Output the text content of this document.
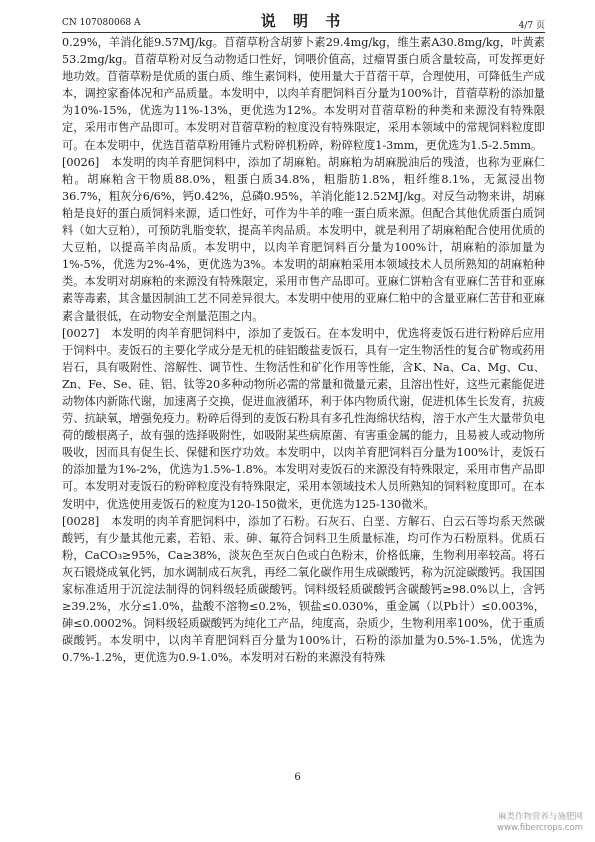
CN 107080068 A	说 明 书	4/7 页

0.29%，羊消化能9.57MJ/kg。苜蓿草粉含胡萝卜素29.4mg/kg，维生素A30.8mg/kg，叶黄素53.2mg/kg。苜蓿草粉对反刍动物适口性好，饲喂价值高，过瘤胃蛋白质含量较高，可发挥更好地功效。苜蓿草粉是优质的蛋白质、维生素饲料，使用量大于苜蓿干草，合理使用，可降低生产成本，调控家畜体况和产品质量。本发明中，以肉羊育肥饲料百分量为100%计，苜蓿草粉的添加量为10%-15%，优选为11%-13%，更优选为12%。本发明对苜蓿草粉的种类和来源没有特殊限定，采用市售产品即可。本发明对苜蓿草粉的粒度没有特殊限定，采用本领域中的常规饲料粒度即可。在本发明中，优选苜蓿草粉用锤片式粉碎机粉碎，粉碎粒度1-3mm，更优选为1.5-2.5mm。

[0026]　本发明的肉羊育肥饲料中，添加了胡麻粕。胡麻粕为胡麻脱油后的残渣，也称为亚麻仁粕。胡麻粕含干物质88.0%，粗蛋白质34.8%，粗脂肪1.8%，粗纤维8.1%，无氮浸出物36.7%，粗灰分6/6%，钙0.42%，总磷0.95%，羊消化能12.52MJ/kg。对反刍动物来讲，胡麻粕是良好的蛋白质饲料来源，适口性好，可作为牛羊的唯一蛋白质来源。但配合其他优质蛋白质饲料（如大豆粕），可预防乳脂变软，提高羊肉品质。本发明中，就是利用了胡麻粕配合使用优质的大豆粕，以提高羊肉品质。本发明中，以肉羊育肥饲料百分量为100%计，胡麻粕的添加量为1%-5%，优选为2%-4%，更优选为3%。本发明的胡麻粕采用本领域技术人员所熟知的胡麻粕种类。本发明对胡麻粕的来源没有特殊限定，采用市售产品即可。亚麻仁饼粕含有亚麻仁苦苷和亚麻素等毒素，其含量因制油工艺不同差异很大。本发明中使用的亚麻仁粕中的含量亚麻仁苦苷和亚麻素含量很低，在动物安全剂量范围之内。

[0027]　本发明的肉羊育肥饲料中，添加了麦饭石。在本发明中，优选将麦饭石进行粉碎后应用于饲料中。麦饭石的主要化学成分是无机的硅铝酸盐麦饭石，具有一定生物活性的复合矿物或药用岩石，具有吸附性、溶解性、调节性、生物活性和矿化作用等性能，含K、Na、Ca、Mg、Cu、Zn、Fe、Se、硅、铝、钛等20多种动物所必需的常量和微量元素，且溶出性好，这些元素能促进动物体内新陈代谢，加速离子交换，促进血液循环，利于体内物质代谢，促进机体生长发育，抗疲劳、抗缺氧，增强免疫力。粉碎后得到的麦饭石粉具有多孔性海绵状结构，溶于水产生大量带负电荷的酸根离子，故有强的选择吸附性，如吸附某些病原菌、有害重金属的能力，且易被人或动物所吸收，因而具有促生长、保健和医疗功效。本发明中，以肉羊育肥饲料百分量为100%计，麦饭石的添加量为1%-2%，优选为1.5%-1.8%。本发明对麦饭石的来源没有特殊限定，采用市售产品即可。本发明对麦饭石的粉碎粒度没有特殊限定，采用本领域技术人员所熟知的饲料粒度即可。在本发明中，优选使用麦饭石的粒度为120-150微米，更优选为125-130微米。

[0028]　本发明的肉羊育肥饲料中，添加了石粉。石灰石、白垩、方解石、白云石等均系天然碳酸钙，有少量其他元素，若铅、汞、砷、氟符合饲料卫生质量标准，均可作为石粉原料。优质石粉，CaCO₃≥95%，Ca≥38%，淡灰色至灰白色或白色粉末，价格低廉，生物利用率较高。将石灰石锻烧成氧化钙，加水调制成石灰乳，再经二氧化碳作用生成碳酸钙，称为沉淀碳酸钙。我国国家标准适用于沉淀法制得的饲料级轻质碳酸钙。饲料级轻质碳酸钙含碳酸钙≥98.0%以上，含钙≥39.2%，水分≤1.0%，盐酸不溶物≤0.2%，钡盐≤0.030%，重金属（以Pb计）≤0.003%，砷≤0.0002%。饲料级轻质碳酸钙为纯化工产品，纯度高，杂质少，生物利用率100%，优于重质碳酸钙。本发明中，以肉羊育肥饲料百分量为100%计，石粉的添加量为0.5%-1.5%，优选为0.7%-1.2%，更优选为0.9-1.0%。本发明对石粉的来源没有特殊

6
麻类作物营养与施肥网
www.fibercrops.com
